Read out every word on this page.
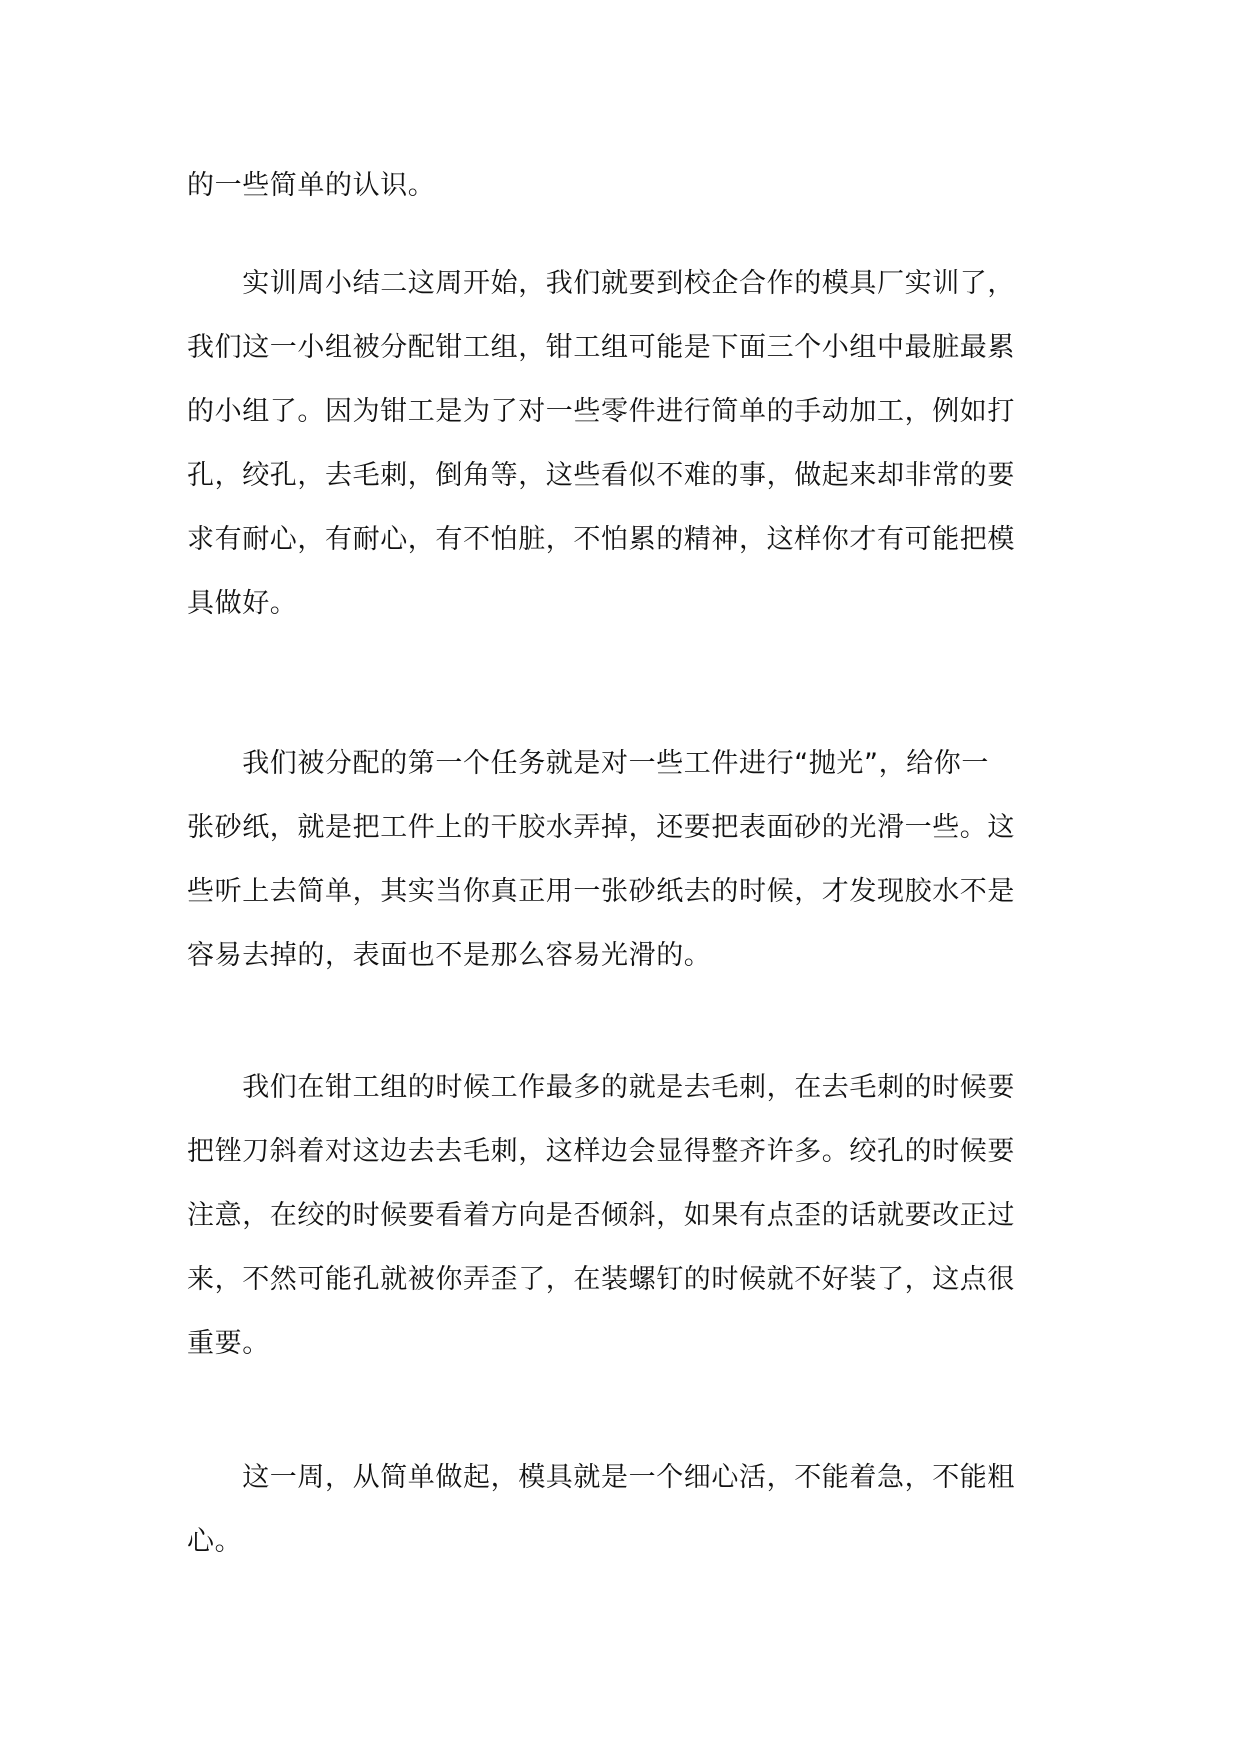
的一些简单的认识。
　　实训周小结二这周开始，我们就要到校企合作的模具厂实训了，
我们这一小组被分配钳工组，钳工组可能是下面三个小组中最脏最累
的小组了。因为钳工是为了对一些零件进行简单的手动加工，例如打
孔，绞孔，去毛刺，倒角等，这些看似不难的事，做起来却非常的要
求有耐心，有耐心，有不怕脏，不怕累的精神，这样你才有可能把模
具做好。
　　我们被分配的第一个任务就是对一些工件进行“抛光”，给你一
张砂纸，就是把工件上的干胶水弄掉，还要把表面砂的光滑一些。这
些听上去简单，其实当你真正用一张砂纸去的时候，才发现胶水不是
容易去掉的，表面也不是那么容易光滑的。
　　我们在钳工组的时候工作最多的就是去毛刺，在去毛刺的时候要
把锉刀斜着对这边去去毛刺，这样边会显得整齐许多。绞孔的时候要
注意，在绞的时候要看着方向是否倾斜，如果有点歪的话就要改正过
来，不然可能孔就被你弄歪了，在装螺钉的时候就不好装了，这点很
重要。
　　这一周，从简单做起，模具就是一个细心活，不能着急，不能粗
心。
